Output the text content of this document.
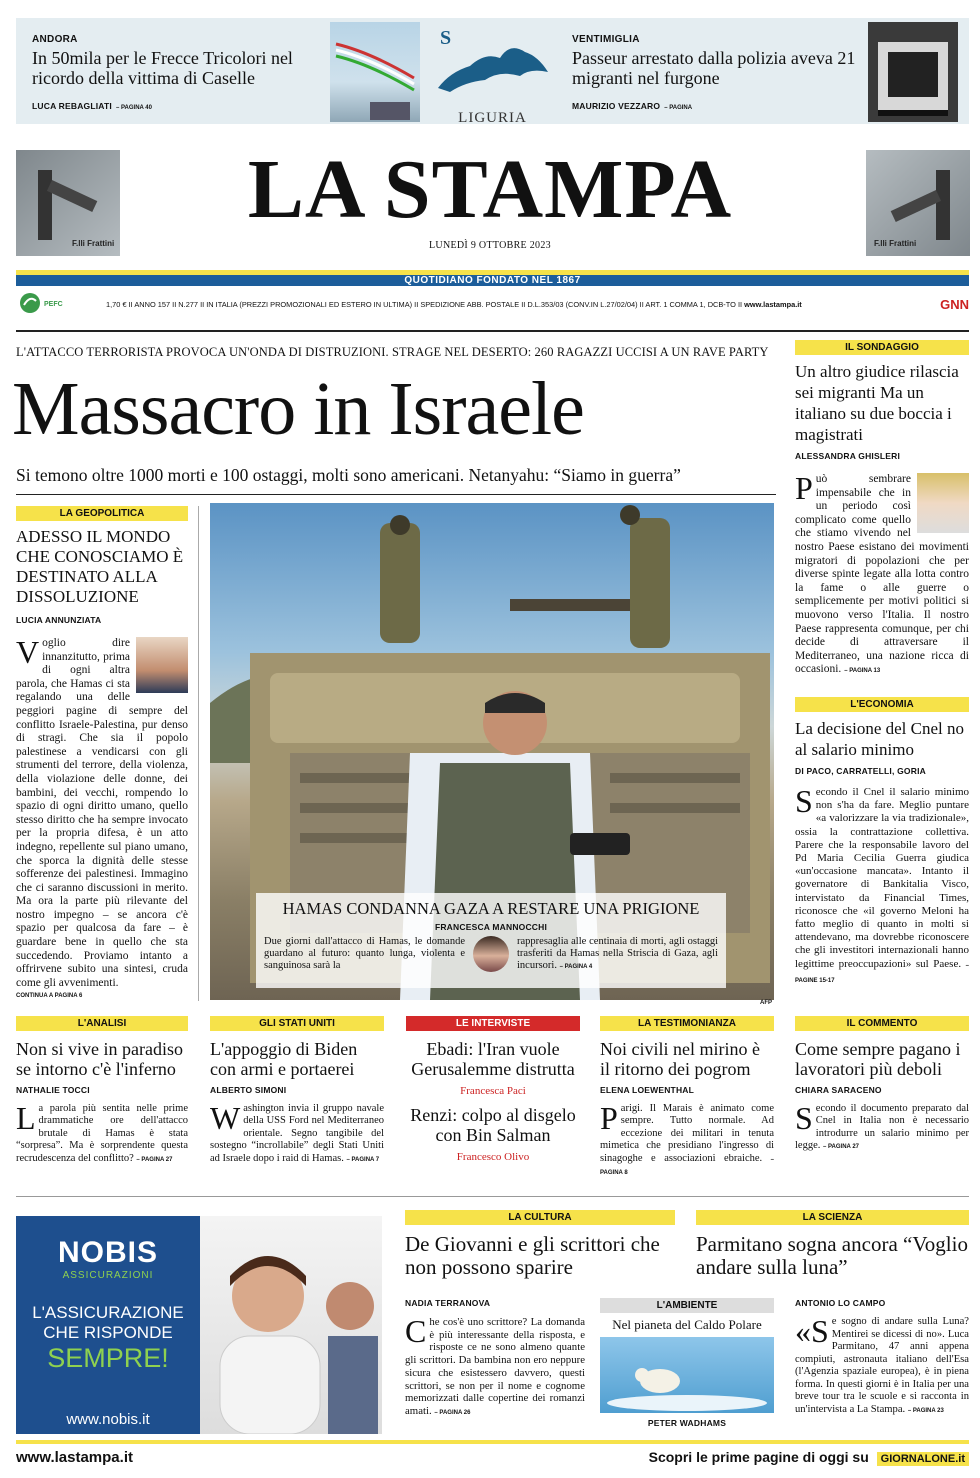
ANDORA
In 50mila per le Frecce Tricolori nel ricordo della vittima di Caselle
LUCA REBAGLIATI – PAGINA 40
S
LIGURIA
VENTIMIGLIA
Passeur arrestato dalla polizia aveva 21 migranti nel furgone
MAURIZIO VEZZARO – PAGINA
F.lli Frattini
LA STAMPA
LUNEDÌ 9 OTTOBRE 2023	F.lli Frattini
QUOTIDIANO FONDATO NEL 1867
PEFC	1,70 € II ANNO 157 II N.277 II IN ITALIA (PREZZI PROMOZIONALI ED ESTERO IN ULTIMA) II SPEDIZIONE ABB. POSTALE II D.L.353/03 (CONV.IN L.27/02/04) II ART. 1 COMMA 1, DCB-TO II www.lastampa.it	GNN
L'ATTACCO TERRORISTA PROVOCA UN'ONDA DI DISTRUZIONI. STRAGE NEL DESERTO: 260 RAGAZZI UCCISI A UN RAVE PARTY
Massacro in Israele
Si temono oltre 1000 morti e 100 ostaggi, molti sono americani. Netanyahu: “Siamo in guerra”
LA GEOPOLITICA
ADESSO IL MONDO CHE CONOSCIAMO È DESTINATO ALLA DISSOLUZIONE
LUCIA ANNUNZIATA
Voglio dire innanzitutto, prima di ogni altra parola, che Hamas ci sta regalando una delle peggiori pagine di sempre del conflitto Israele-Palestina, pur denso di stragi. Che sia il popolo palestinese a vendicarsi con gli strumenti del terrore, della violenza, della violazione delle donne, dei bambini, dei vecchi, rompendo lo spazio di ogni diritto umano, quello stesso diritto che ha sempre invocato per la propria difesa, è un atto indegno, repellente sul piano umano, che sporca la dignità delle stesse sofferenze dei palestinesi. Immagino che ci saranno discussioni in merito. Ma ora la parte più rilevante del nostro impegno – se ancora c'è spazio per qualcosa da fare – è guardare bene in quello che sta succedendo. Proviamo intanto a offrirvene subito una sintesi, cruda come gli avvenimenti.
CONTINUA A PAGINA 6
HAMAS CONDANNA GAZA A RESTARE UNA PRIGIONE
FRANCESCA MANNOCCHI
Due giorni dall'attacco di Hamas, le domande guardano al futuro: quanto lunga, violenta e sanguinosa sarà la
rappresaglia alle centinaia di morti, agli ostaggi trasferiti da Hamas nella Striscia di Gaza, agli incursori. – PAGINA 4
AFP
IL SONDAGGIO
Un altro giudice rilascia sei migranti Ma un italiano su due boccia i magistrati
ALESSANDRA GHISLERI
Può sembrare impensabile che in un periodo così complicato come quello che stiamo vivendo nel nostro Paese esistano dei movimenti migratori di popolazioni che per diverse spinte legate alla lotta contro la fame o alle guerre o semplicemente per motivi politici si muovono verso l'Italia. Il nostro Paese rappresenta comunque, per chi decide di attraversare il Mediterraneo, una nazione ricca di occasioni. – PAGINA 13
L'ECONOMIA
La decisione del Cnel no al salario minimo
DI PACO, CARRATELLI, GORIA
Secondo il Cnel il salario minimo non s'ha da fare. Meglio puntare «a valorizzare la via tradizionale», ossia la contrattazione collettiva. Parere che la responsabile lavoro del Pd Maria Cecilia Guerra giudica «un'occasione mancata». Intanto il governatore di Bankitalia Visco, intervistato da Financial Times, riconosce che «il governo Meloni ha fatto meglio di quanto in molti si attendevano, ma dovrebbe riconoscere che gli investitori internazionali hanno legittime preoccupazioni» sul Paese. – PAGINE 15-17
L'ANALISI
Non si vive in paradiso se intorno c'è l'inferno
NATHALIE TOCCI
La parola più sentita nelle prime drammatiche ore dell'attacco brutale di Hamas è stata “sorpresa”. Ma è sorprendente questa recrudescenza del conflitto? – PAGINA 27
GLI STATI UNITI
L'appoggio di Biden con armi e portaerei
ALBERTO SIMONI
Washington invia il gruppo navale della USS Ford nel Mediterraneo orientale. Segno tangibile del sostegno “incrollabile” degli Stati Uniti ad Israele dopo i raid di Hamas. – PAGINA 7
LE INTERVISTE
Ebadi: l'Iran vuole Gerusalemme distrutta
Francesca Paci
Renzi: colpo al disgelo con Bin Salman
Francesco Olivo
LA TESTIMONIANZA
Noi civili nel mirino è il ritorno dei pogrom
ELENA LOEWENTHAL
Parigi. Il Marais è animato come sempre. Tutto normale. Ad eccezione dei militari in tenuta mimetica che presidiano l'ingresso di sinagoghe e associazioni ebraiche. – PAGINA 8
IL COMMENTO
Come sempre pagano i lavoratori più deboli
CHIARA SARACENO
Secondo il documento preparato dal Cnel in Italia non è necessario introdurre un salario minimo per legge. – PAGINA 27
NOBIS
ASSICURAZIONI
L'ASSICURAZIONE
CHE RISPONDE
SEMPRE!
www.nobis.it
LA CULTURA
De Giovanni e gli scrittori che non possono sparire
NADIA TERRANOVA
Che cos'è uno scrittore? La domanda è più interessante della risposta, e risposte ce ne sono almeno quante gli scrittori. Da bambina non ero neppure sicura che esistessero davvero, questi scrittori, se non per il nome e cognome memorizzati dalle copertine dei romanzi amati. – PAGINA 26
L'AMBIENTE
Nel pianeta del Caldo Polare
PETER WADHAMS
LA SCIENZA
Parmitano sogna ancora “Voglio andare sulla luna”
ANTONIO LO CAMPO
«Se sogno di andare sulla Luna? Mentirei se dicessi di no». Luca Parmitano, 47 anni appena compiuti, astronauta italiano dell'Esa (l'Agenzia spaziale europea), è in piena forma. In questi giorni è in Italia per una breve tour tra le scuole e si racconta in un'intervista a La Stampa. – PAGINA 23
www.lastampa.it	Scopri le prime pagine di oggi su GIORNALONE.it
